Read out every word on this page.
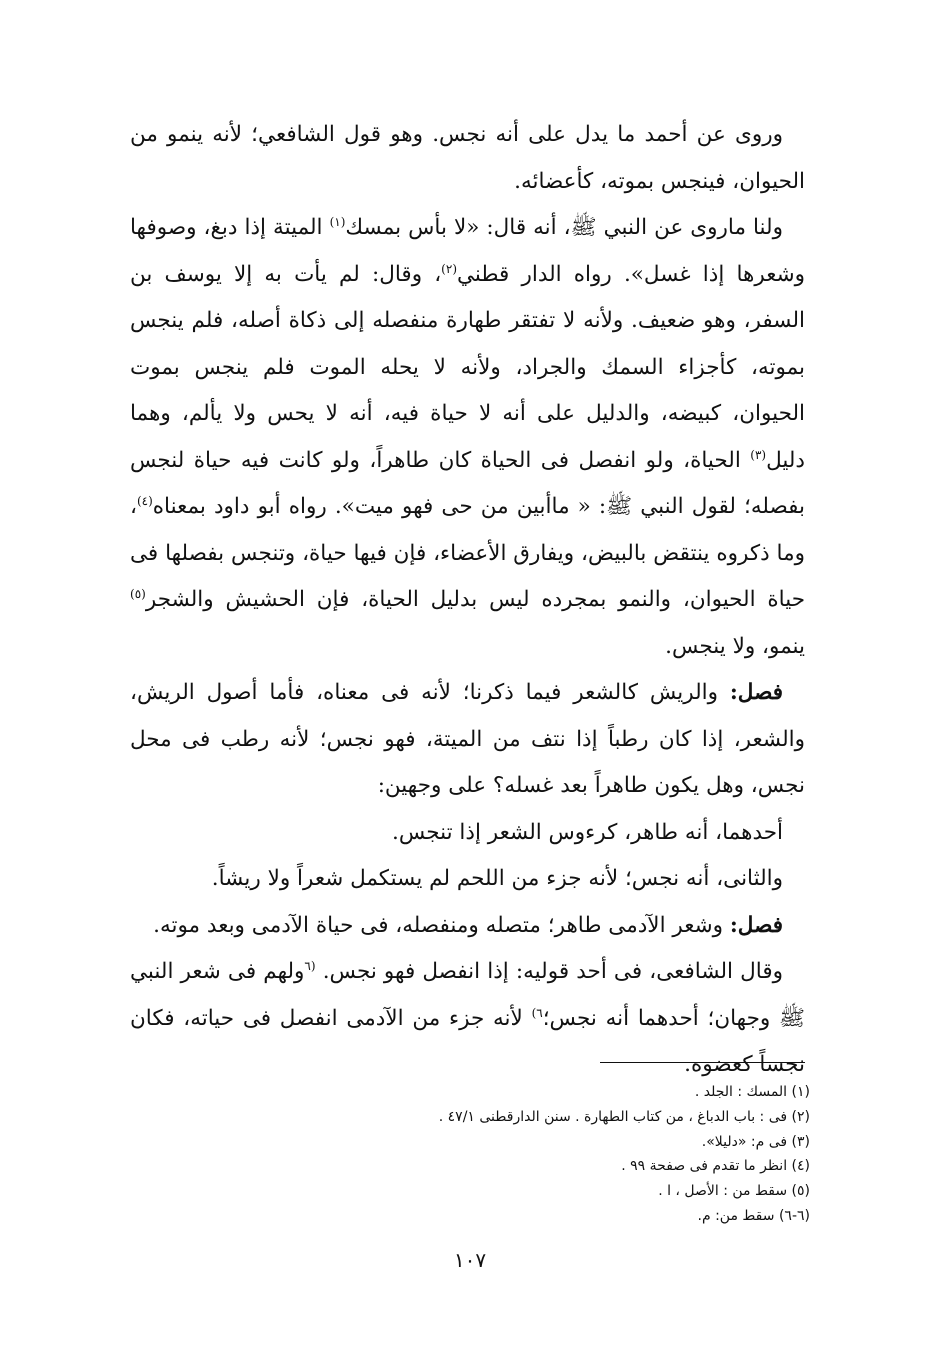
وروى عن أحمد ما يدل على أنه نجس. وهو قول الشافعي؛ لأنه ينمو من الحيوان، فينجس بموته، كأعضائه.

ولنا ماروى عن النبي ﷺ، أنه قال: «لا بأس بمسك$^{(١)}$ الميتة إذا دبغ، وصوفها وشعرها إذا غسل». رواه الدار قطني$^{(٢)}$، وقال: لم يأت به إلا يوسف بن السفر، وهو ضعيف. ولأنه لا تفتقر طهارة منفصله إلى ذكاة أصله، فلم ينجس بموته، كأجزاء السمك والجراد، ولأنه لا يحله الموت فلم ينجس بموت الحيوان، كبيضه، والدليل على أنه لا حياة فيه، أنه لا يحس ولا يألم، وهما دليل$^{(٣)}$ الحياة، ولو انفصل فى الحياة كان طاهراً، ولو كانت فيه حياة لنجس بفصله؛ لقول النبي ﷺ: « ماأبين من حى فهو ميت». رواه أبو داود بمعناه$^{(٤)}$، وما ذكروه ينتقض بالبيض، ويفارق الأعضاء، فإن فيها حياة، وتنجس بفصلها فى حياة الحيوان، والنمو بمجرده ليس بدليل الحياة، فإن الحشيش والشجر$^{(٥)}$ ينمو، ولا ينجس.

فصل: والريش كالشعر فيما ذكرنا؛ لأنه فى معناه، فأما أصول الريش، والشعر، إذا كان رطباً إذا نتف من الميتة، فهو نجس؛ لأنه رطب فى محل نجس، وهل يكون طاهراً بعد غسله؟ على وجهين:

أحدهما، أنه طاهر، كرءوس الشعر إذا تنجس.

والثانى، أنه نجس؛ لأنه جزء من اللحم لم يستكمل شعراً ولا ريشاً.

فصل: وشعر الآدمى طاهر؛ متصله ومنفصله، فى حياة الآدمى وبعد موته.

وقال الشافعى، فى أحد قوليه: إذا انفصل فهو نجس. $^{(٦}$ولهم فى شعر النبي ﷺ وجهان؛ أحدهما أنه نجس؛$^{٦)}$ لأنه جزء من الآدمى انفصل فى حياته، فكان نجساً كعضوه.

(١) المسك : الجلد .
(٢) فى : باب الدباغ ، من كتاب الطهارة . سنن الدارقطنى ٤٧/١ .
(٣) فى م: «دليلا».
(٤) انظر ما تقدم فى صفحة ٩٩ .
(٥) سقط من : الأصل ، ا .
(٦-٦) سقط من: م.
١٠٧
